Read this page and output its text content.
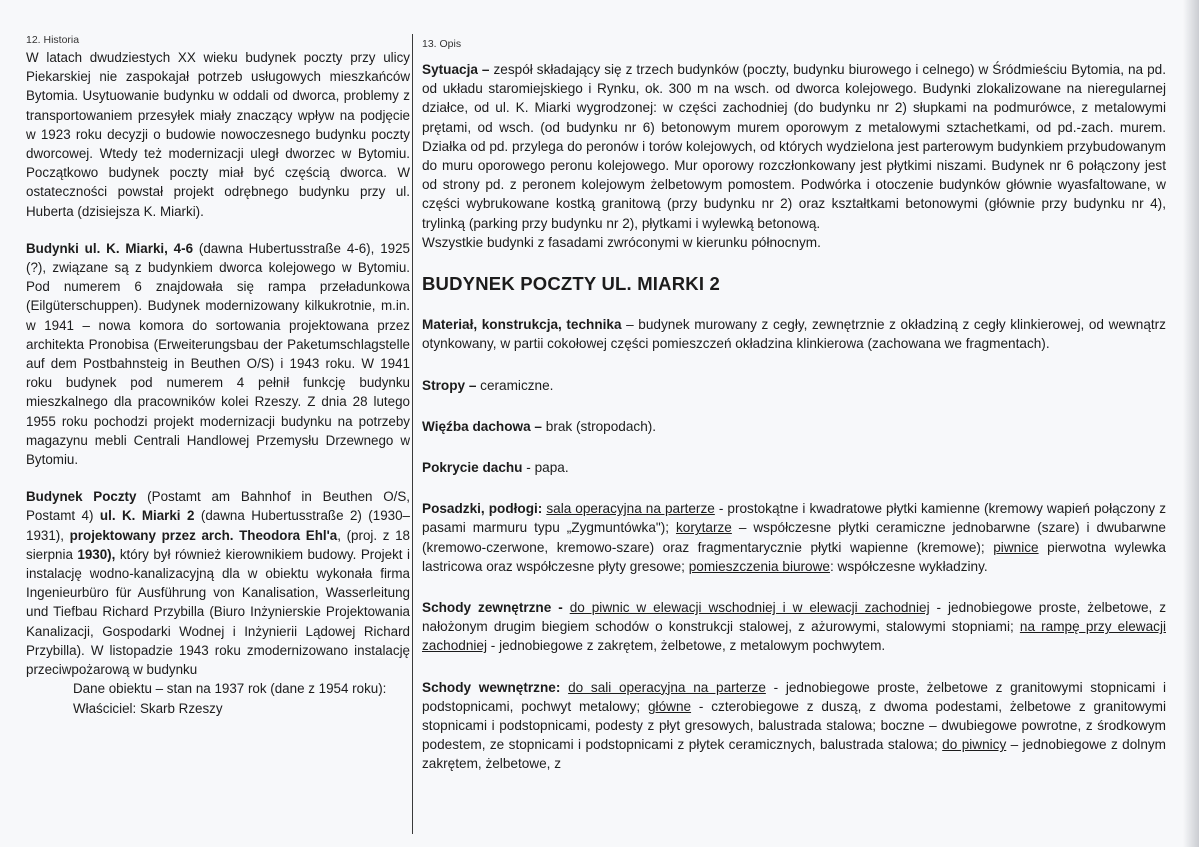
12. Historia

W latach dwudziestych XX wieku budynek poczty przy ulicy Piekarskiej nie zaspokajał potrzeb usługowych mieszkańców Bytomia. Usytuowanie budynku w oddali od dworca, problemy z transportowaniem przesyłek miały znaczący wpływ na podjęcie w 1923 roku decyzji o budowie nowoczesnego budynku poczty dworcowej. Wtedy też modernizacji uległ dworzec w Bytomiu. Początkowo budynek poczty miał być częścią dworca. W ostateczności powstał projekt odrębnego budynku przy ul. Huberta (dzisiejsza K. Miarki).

Budynki ul. K. Miarki, 4-6 (dawna Hubertusstraße 4-6), 1925 (?), związane są z budynkiem dworca kolejowego w Bytomiu. Pod numerem 6 znajdowała się rampa przeładunkowa (Eilgüterschuppen). Budynek modernizowany kilkukrotnie, m.in. w 1941 – nowa komora do sortowania projektowana przez architekta Pronobisa (Erweiterungsbau der Paketumschlagstelle auf dem Postbahnsteig in Beuthen O/S) i 1943 roku. W 1941 roku budynek pod numerem 4 pełnił funkcję budynku mieszkalnego dla pracowników kolei Rzeszy. Z dnia 28 lutego 1955 roku pochodzi projekt modernizacji budynku na potrzeby magazynu mebli Centrali Handlowej Przemysłu Drzewnego w Bytomiu.

Budynek Poczty (Postamt am Bahnhof in Beuthen O/S, Postamt 4) ul. K. Miarki 2 (dawna Hubertusstraße 2) (1930–1931), projektowany przez arch. Theodora Ehl'a, (proj. z 18 sierpnia 1930), który był również kierownikiem budowy. Projekt i instalację wodno-kanalizacyjną dla w obiektu wykonała firma Ingenieurbüro für Ausführung von Kanalisation, Wasserleitung und Tiefbau Richard Przybilla (Biuro Inżynierskie Projektowania Kanalizacji, Gospodarki Wodnej i Inżynierii Lądowej Richard Przybilla). W listopadzie 1943 roku zmodernizowano instalację przeciwpożarową w budynku

Dane obiektu – stan na 1937 rok (dane z 1954 roku):

Właściciel: Skarb Rzeszy

13. Opis

Sytuacja – zespół składający się z trzech budynków (poczty, budynku biurowego i celnego) w Śródmieściu Bytomia, na pd. od układu staromiejskiego i Rynku, ok. 300 m na wsch. od dworca kolejowego. Budynki zlokalizowane na nieregularnej działce, od ul. K. Miarki wygrodzonej: w części zachodniej (do budynku nr 2) słupkami na podmurówce, z metalowymi prętami, od wsch. (od budynku nr 6) betonowym murem oporowym z metalowymi sztachetkami, od pd.-zach. murem. Działka od pd. przylega do peronów i torów kolejowych, od których wydzielona jest parterowym budynkiem przybudowanym do muru oporowego peronu kolejowego. Mur oporowy rozczłonkowany jest płytkimi niszami. Budynek nr 6 połączony jest od strony pd. z peronem kolejowym żelbetowym pomostem. Podwórka i otoczenie budynków głównie wyasfaltowane, w części wybrukowane kostką granitową (przy budynku nr 2) oraz kształtkami betonowymi (głównie przy budynku nr 4), trylinką (parking przy budynku nr 2), płytkami i wylewką betonową.

Wszystkie budynki z fasadami zwróconymi w kierunku północnym.

BUDYNEK POCZTY UL. MIARKI 2

Materiał, konstrukcja, technika – budynek murowany z cegły, zewnętrznie z okładziną z cegły klinkierowej, od wewnątrz otynkowany, w partii cokołowej części pomieszczeń okładzina klinkierowa (zachowana we fragmentach).

Stropy – ceramiczne.

Więźba dachowa – brak (stropodach).

Pokrycie dachu - papa.

Posadzki, podłogi: sala operacyjna na parterze - prostokątne i kwadratowe płytki kamienne (kremowy wapień połączony z pasami marmuru typu „Zygmuntówka"); korytarze – współczesne płytki ceramiczne jednobarwne (szare) i dwubarwne (kremowo-czerwone, kremowo-szare) oraz fragmentarycznie płytki wapienne (kremowe); piwnice pierwotna wylewka lastricowa oraz współczesne płyty gresowe; pomieszczenia biurowe: współczesne wykładziny.

Schody zewnętrzne - do piwnic w elewacji wschodniej i w elewacji zachodniej - jednobiegowe proste, żelbetowe, z nałożonym drugim biegiem schodów o konstrukcji stalowej, z ażurowymi, stalowymi stopniami; na rampę przy elewacji zachodniej - jednobiegowe z zakrętem, żelbetowe, z metalowym pochwytem.

Schody wewnętrzne: do sali operacyjna na parterze - jednobiegowe proste, żelbetowe z granitowymi stopnicami i podstopnicami, pochwyt metalowy; główne - czterobiegowe z duszą, z dwoma podestami, żelbetowe z granitowymi stopnicami i podstopnicami, podesty z płyt gresowych, balustrada stalowa; boczne – dwubiegowe powrotne, z środkowym podestem, ze stopnicami i podstopnicami z płytek ceramicznych, balustrada stalowa; do piwnicy – jednobiegowe z dolnym zakrętem, żelbetowe, z
